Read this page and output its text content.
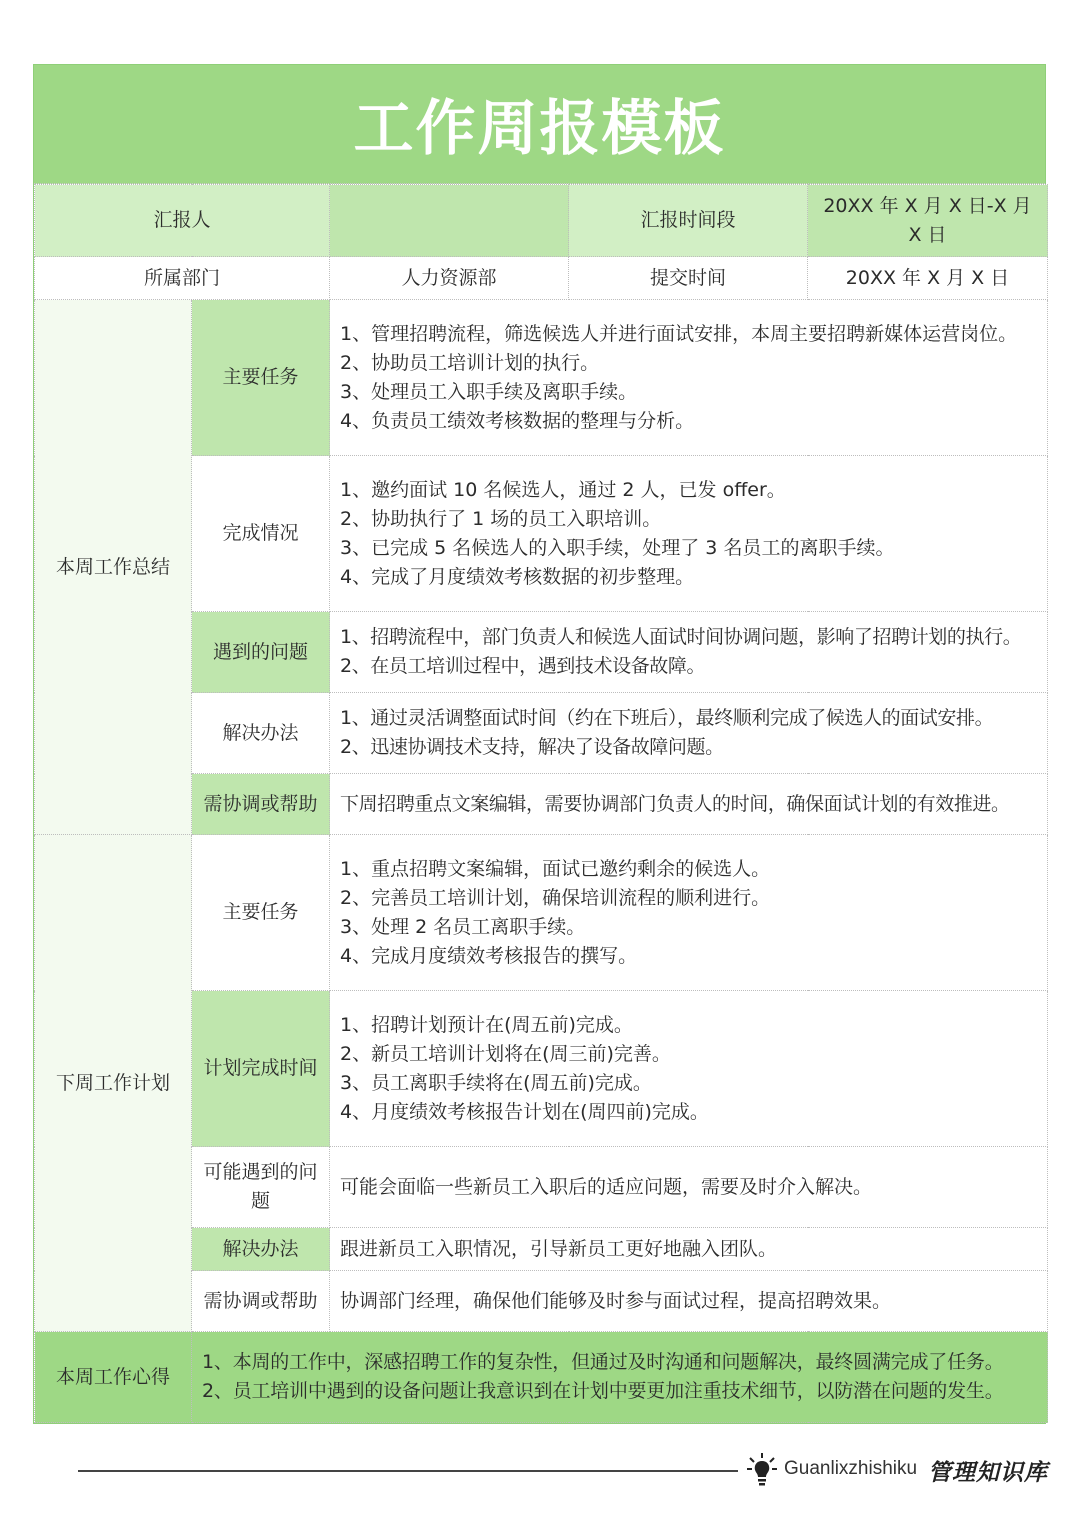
工作周报模板
汇报人			汇报时间段	20XX 年 X 月 X 日-X 月 X 日
所属部门		人力资源部	提交时间	20XX 年 X 月 X 日
本周工作总结	主要任务	1、管理招聘流程，筛选候选人并进行面试安排，本周主要招聘新媒体运营岗位。
2、协助员工培训计划的执行。
3、处理员工入职手续及离职手续。
4、负责员工绩效考核数据的整理与分析。		

	完成情况	1、邀约面试 10 名候选人，通过 2 人，已发 offer。
2、协助执行了 1 场的员工入职培训。
3、已完成 5 名候选人的入职手续，处理了 3 名员工的离职手续。
4、完成了月度绩效考核数据的初步整理。		

	遇到的问题	1、招聘流程中，部门负责人和候选人面试时间协调问题，影响了招聘计划的执行。
2、在员工培训过程中，遇到技术设备故障。		

	解决办法	1、通过灵活调整面试时间（约在下班后），最终顺利完成了候选人的面试安排。
2、迅速协调技术支持，解决了设备故障问题。		

	需协调或帮助	下周招聘重点文案编辑，需要协调部门负责人的时间，确保面试计划的有效推进。		

下周工作计划	主要任务	1、重点招聘文案编辑，面试已邀约剩余的候选人。
2、完善员工培训计划，确保培训流程的顺利进行。
3、处理 2 名员工离职手续。
4、完成月度绩效考核报告的撰写。		

	计划完成时间	1、招聘计划预计在(周五前)完成。
2、新员工培训计划将在(周三前)完善。
3、员工离职手续将在(周五前)完成。
4、月度绩效考核报告计划在(周四前)完成。		

	可能遇到的问题	可能会面临一些新员工入职后的适应问题，需要及时介入解决。		

	解决办法	跟进新员工入职情况，引导新员工更好地融入团队。		

	需协调或帮助	协调部门经理，确保他们能够及时参与面试过程，提高招聘效果。		

本周工作心得	1、本周的工作中，深感招聘工作的复杂性，但通过及时沟通和问题解决，最终圆满完成了任务。
2、员工培训中遇到的设备问题让我意识到在计划中要更加注重技术细节，以防潜在问题的发生。			
Guanlixzhishiku 管理知识库
